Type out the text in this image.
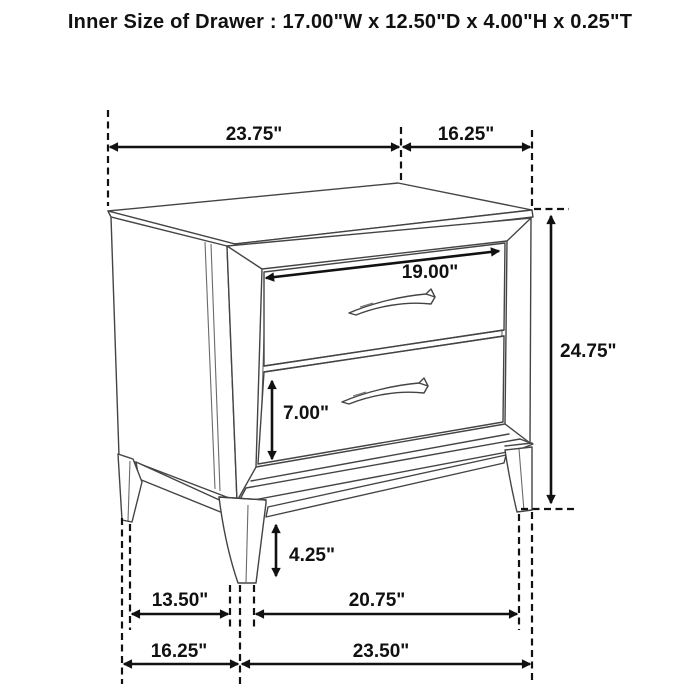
Inner Size of Drawer : 17.00"W x 12.50"D x 4.00"H x 0.25"T
23.75"	16.25"
19.00"
24.75"
7.00"
4.25"
13.50"	20.75"
16.25"	23.50"
